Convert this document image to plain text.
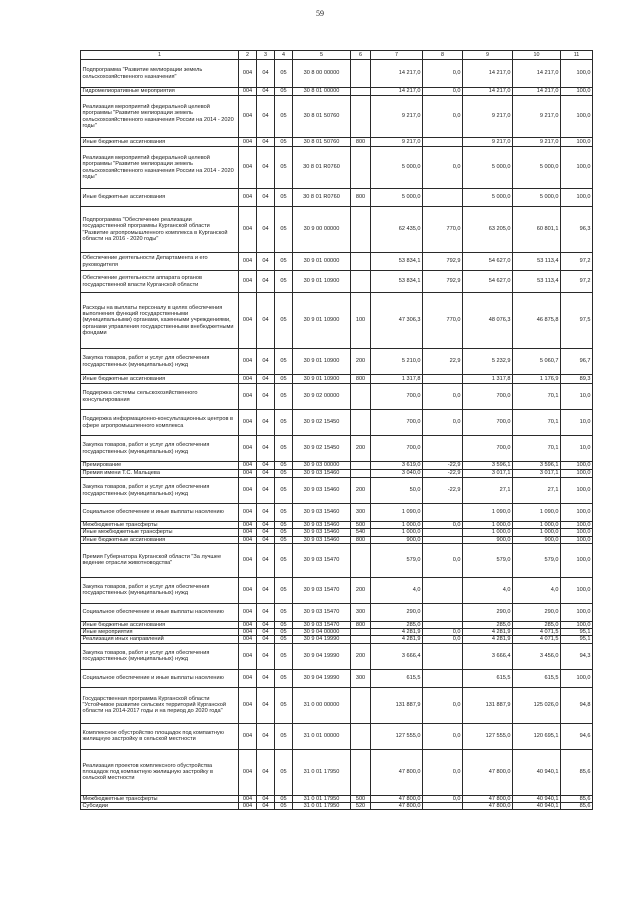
59
1	2	3	4	5	6	7	8	9	10	11
Подпрограмма "Развитие мелиорации земель сельскохозяйственного назначения"	004	04	05	30 8 00 00000		14 217,0	0,0	14 217,0	14 217,0	100,0
Гидромелиоративные мероприятия	004	04	05	30 8 01 00000		14 217,0	0,0	14 217,0	14 217,0	100,0
Реализация мероприятий федеральной целевой программы "Развитие мелиорации земель сельскохозяйственного назначения России на 2014 - 2020 годы"	004	04	05	30 8 01 50760		9 217,0	0,0	9 217,0	9 217,0	100,0
Иные бюджетные ассигнования	004	04	05	30 8 01 50760	800	9 217,0		9 217,0	9 217,0	100,0
Реализация мероприятий федеральной целевой программы "Развитие мелиорации земель сельскохозяйственного назначения России на 2014 - 2020 годы"	004	04	05	30 8 01 R0760		5 000,0	0,0	5 000,0	5 000,0	100,0
Иные бюджетные ассигнования	004	04	05	30 8 01 R0760	800	5 000,0		5 000,0	5 000,0	100,0
Подпрограмма "Обеспечение реализации государственной программы Курганской области "Развитие агропромышленного комплекса в Курганской области на 2016 - 2020 годы"	004	04	05	30 9 00 00000		62 435,0	770,0	63 205,0	60 801,1	96,3
Обеспечение деятельности Департамента и его руководителя	004	04	05	30 9 01 00000		53 834,1	792,9	54 627,0	53 113,4	97,2
Обеспечение деятельности аппарата органов государственной власти Курганской области	004	04	05	30 9 01 10900		53 834,1	792,9	54 627,0	53 113,4	97,2
Расходы на выплаты персоналу в целях обеспечения выполнения функций государственными (муниципальными) органами, казенными учреждениями, органами управления государственными внебюджетными фондами	004	04	05	30 9 01 10900	100	47 306,3	770,0	48 076,3	46 875,8	97,5
Закупка товаров, работ и услуг для обеспечения государственных (муниципальных) нужд	004	04	05	30 9 01 10900	200	5 210,0	22,9	5 232,9	5 060,7	96,7
Иные бюджетные ассигнования	004	04	05	30 9 01 10900	800	1 317,8		1 317,8	1 176,9	89,3
Поддержка системы сельскохозяйственного консультирования	004	04	05	30 9 02 00000		700,0	0,0	700,0	70,1	10,0
Поддержка информационно-консультационных центров в сфере агропромышленного комплекса	004	04	05	30 9 02 15450		700,0	0,0	700,0	70,1	10,0
Закупка товаров, работ и услуг для обеспечения государственных (муниципальных) нужд	004	04	05	30 9 02 15450	200	700,0		700,0	70,1	10,0
Премирование	004	04	05	30 9 03 00000		3 619,0	-22,9	3 596,1	3 596,1	100,0
Премия имени Т.С. Мальцева	004	04	05	30 9 03 15460		3 040,0	-22,9	3 017,1	3 017,1	100,0
Закупка товаров, работ и услуг для обеспечения государственных (муниципальных) нужд	004	04	05	30 9 03 15460	200	50,0	-22,9	27,1	27,1	100,0
Социальное обеспечение и иные выплаты населению	004	04	05	30 9 03 15460	300	1 090,0		1 090,0	1 090,0	100,0
Межбюджетные трансферты	004	04	05	30 9 03 15460	500	1 000,0	0,0	1 000,0	1 000,0	100,0
Иные межбюджетные трансферты	004	04	05	30 9 03 15460	540	1 000,0		1 000,0	1 000,0	100,0
Иные бюджетные ассигнования	004	04	05	30 9 03 15460	800	900,0		900,0	900,0	100,0
Премия Губернатора Курганской области "За лучшее ведение отрасли животноводства"	004	04	05	30 9 03 15470		579,0	0,0	579,0	579,0	100,0
Закупка товаров, работ и услуг для обеспечения государственных (муниципальных) нужд	004	04	05	30 9 03 15470	200	4,0		4,0	4,0	100,0
Социальное обеспечение и иные выплаты населению	004	04	05	30 9 03 15470	300	290,0		290,0	290,0	100,0
Иные бюджетные ассигнования	004	04	05	30 9 03 15470	800	285,0		285,0	285,0	100,0
Иные мероприятия	004	04	05	30 9 04 00000		4 281,9	0,0	4 281,9	4 071,5	95,1
Реализация иных направлений	004	04	05	30 9 04 19990		4 281,9	0,0	4 281,9	4 071,5	95,1
Закупка товаров, работ и услуг для обеспечения государственных (муниципальных) нужд	004	04	05	30 9 04 19990	200	3 666,4		3 666,4	3 456,0	94,3
Социальное обеспечение и иные выплаты населению	004	04	05	30 9 04 19990	300	615,5		615,5	615,5	100,0
Государственная программа Курганской области "Устойчивое развитие сельских территорий Курганской области на 2014-2017 годы и на период до 2020 года"	004	04	05	31 0 00 00000		131 887,9	0,0	131 887,9	125 026,0	94,8
Комплексное обустройство площадок под компактную жилищную застройку в сельской местности	004	04	05	31 0 01 00000		127 555,0	0,0	127 555,0	120 695,1	94,6
Реализация проектов комплексного обустройства площадок под компактную жилищную застройку в сельской местности	004	04	05	31 0 01 17950		47 800,0	0,0	47 800,0	40 940,1	85,6
Межбюджетные трансферты	004	04	05	31 0 01 17950	500	47 800,0	0,0	47 800,0	40 940,1	85,6
Субсидии	004	04	05	31 0 01 17950	520	47 800,0		47 800,0	40 940,1	85,6
